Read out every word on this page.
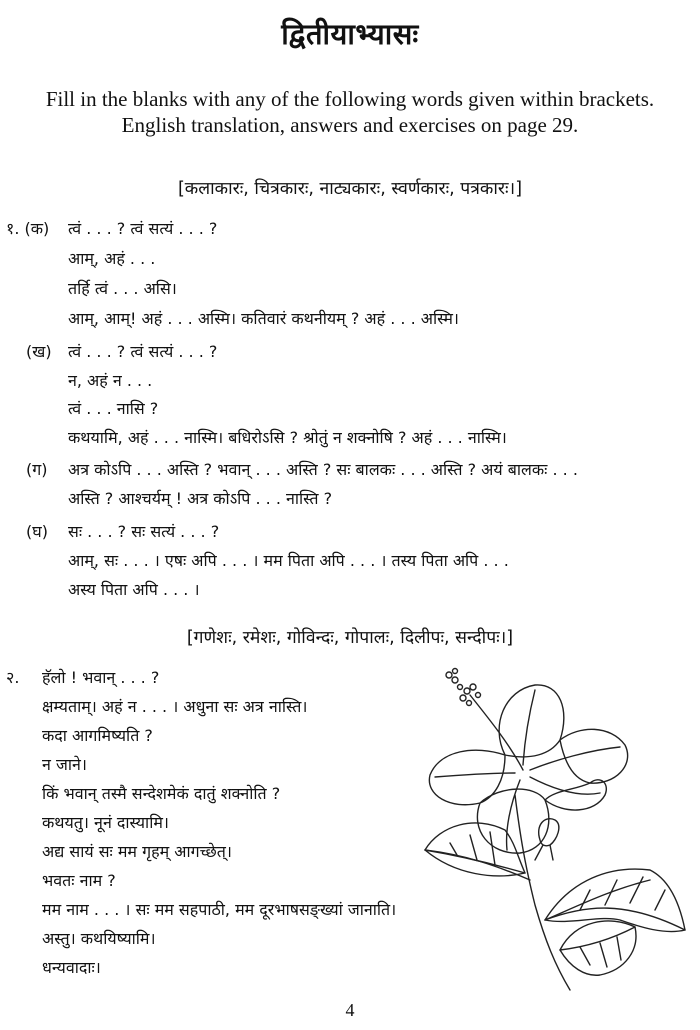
द्वितीयाभ्यासः
Fill in the blanks with any of the following words given within brackets.
English translation, answers and exercises on page 29.
[कलाकारः, चित्रकारः, नाट्यकारः, स्वर्णकारः, पत्रकारः।]
१. (क) त्वं . . . ? त्वं सत्यं . . . ?
आम्, अहं . . .
तर्हि त्वं . . . असि।
आम्, आम्! अहं . . . अस्मि। कतिवारं कथनीयम् ? अहं . . . अस्मि।
(ख) त्वं . . . ? त्वं सत्यं . . . ?
न, अहं न . . .
त्वं . . . नासि ?
कथयामि, अहं . . . नास्मि। बधिरोऽसि ? श्रोतुं न शक्नोषि ? अहं . . . नास्मि।
(ग) अत्र कोऽपि . . . अस्ति ? भवान् . . . अस्ति ? सः बालकः . . . अस्ति ? अयं बालकः . . .
अस्ति ? आश्चर्यम् ! अत्र कोऽपि . . . नास्ति ?
(घ) सः . . . ? सः सत्यं . . . ?
आम्, सः . . . । एषः अपि . . . । मम पिता अपि . . . । तस्य पिता अपि . . .
अस्य पिता अपि . . . ।
[गणेशः, रमेशः, गोविन्दः, गोपालः, दिलीपः, सन्दीपः।]
२. हॅलो ! भवान् . . . ?
क्षम्यताम्। अहं न . . . । अधुना सः अत्र नास्ति।
कदा आगमिष्यति ?
न जाने।
किं भवान् तस्मै सन्देशमेकं दातुं शक्नोति ?
कथयतु। नूनं दास्यामि।
अद्य सायं सः मम गृहम् आगच्छेत्।
भवतः नाम ?
मम नाम . . . । सः मम सहपाठी, मम दूरभाषसङ्ख्यां जानाति।
अस्तु। कथयिष्यामि।
धन्यवादाः।
4
